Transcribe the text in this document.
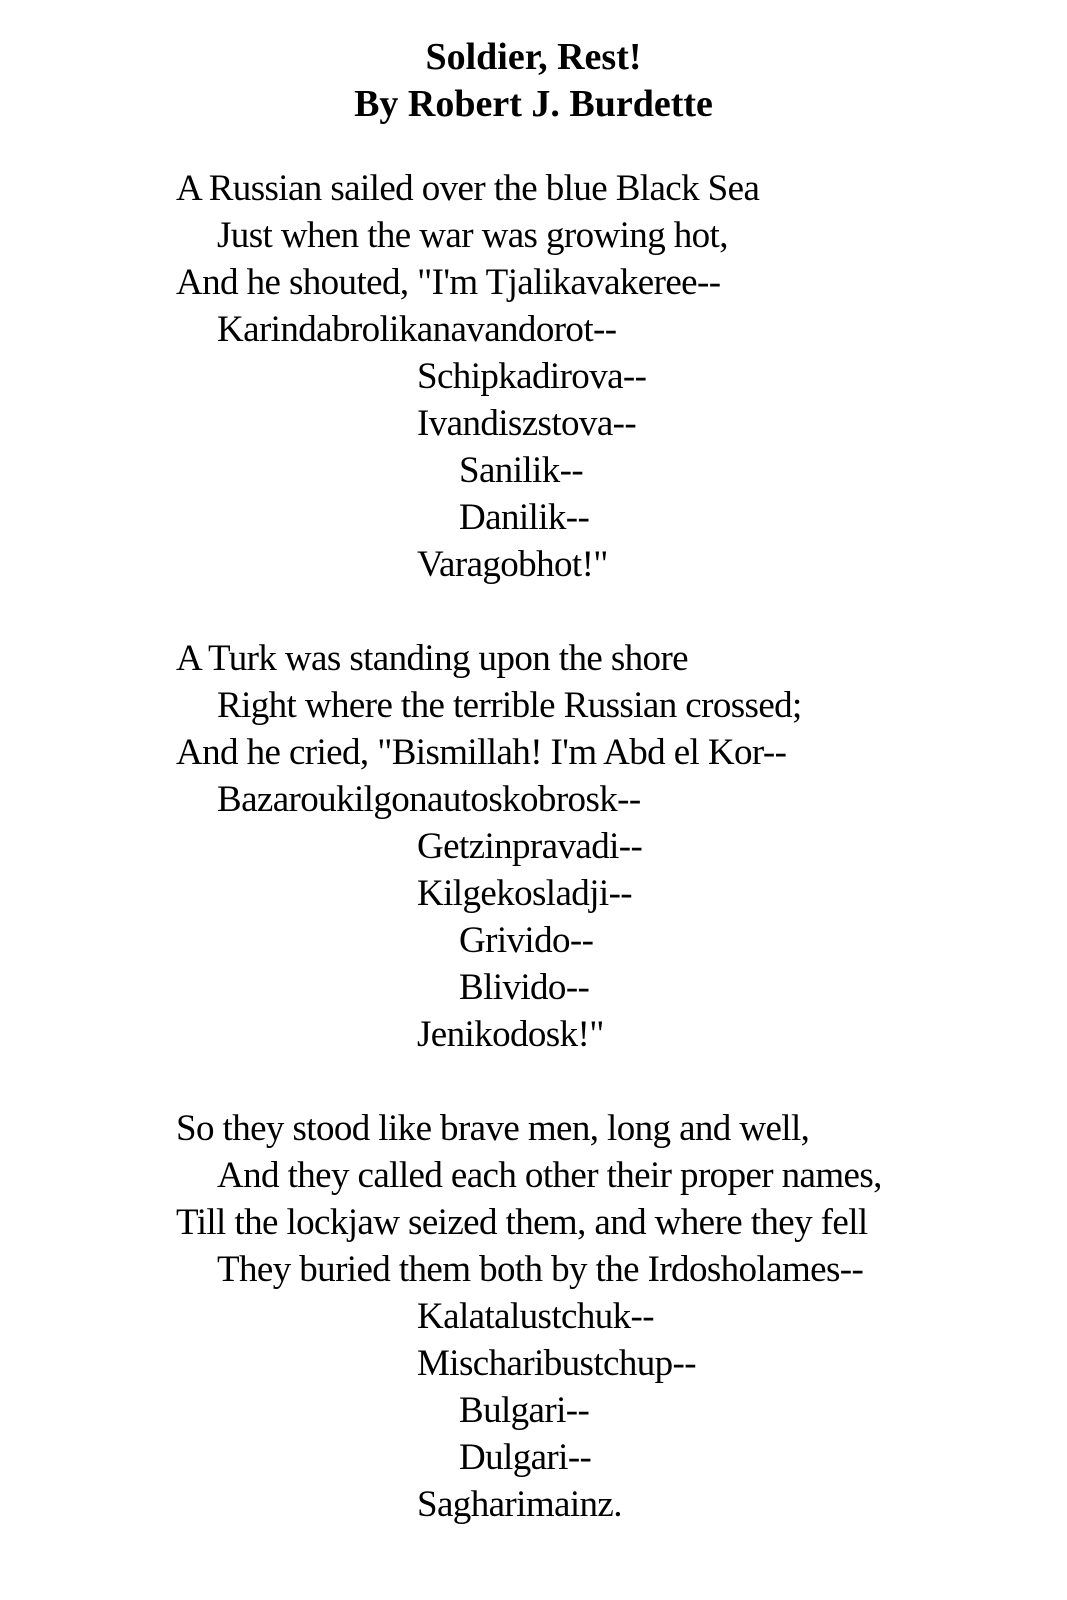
Soldier, Rest!
By Robert J. Burdette
A Russian sailed over the blue Black Sea
Just when the war was growing hot,
And he shouted, "I'm Tjalikavakeree--
Karindabrolikanavandorot--
Schipkadirova--
Ivandiszstova--
Sanilik--
Danilik--
Varagobhot!"
A Turk was standing upon the shore
Right where the terrible Russian crossed;
And he cried, "Bismillah! I'm Abd el Kor--
Bazaroukilgonautoskobrosk--
Getzinpravadi--
Kilgekosladji--
Grivido--
Blivido--
Jenikodosk!"
So they stood like brave men, long and well,
And they called each other their proper names,
Till the lockjaw seized them, and where they fell
They buried them both by the Irdosholames--
Kalatalustchuk--
Mischaribustchup--
Bulgari--
Dulgari--
Sagharimainz.
